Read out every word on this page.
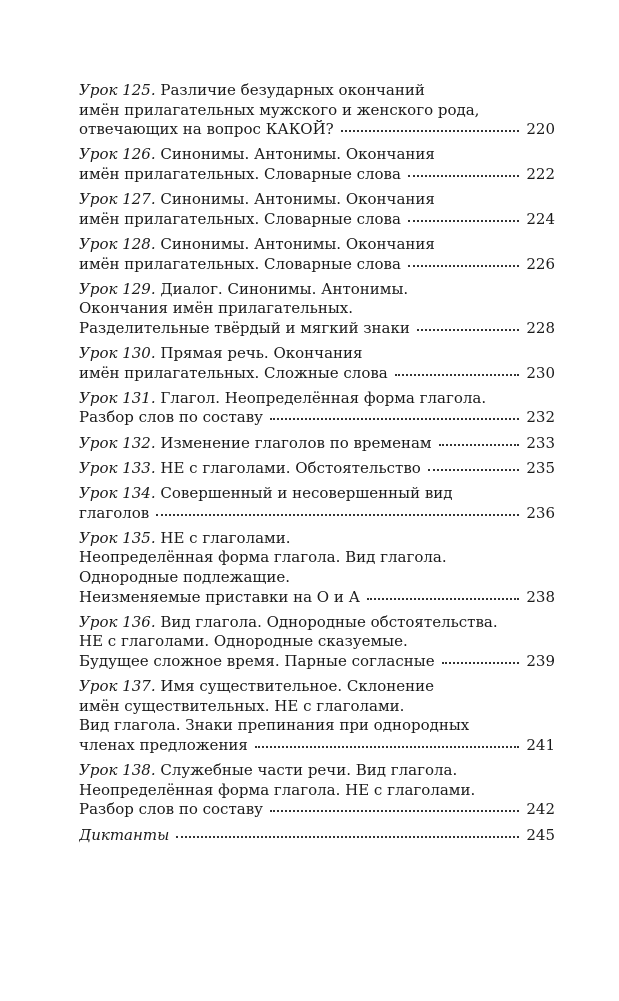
Урок 125. Различие безударных окончаний
имён прилагательных мужского и женского рода,
отвечающих на вопрос КАКОЙ?	220
Урок 126. Синонимы. Антонимы. Окончания
имён прилагательных. Словарные слова	222
Урок 127. Синонимы. Антонимы. Окончания
имён прилагательных. Словарные слова	224
Урок 128. Синонимы. Антонимы. Окончания
имён прилагательных. Словарные слова	226
Урок 129. Диалог. Синонимы. Антонимы.
Окончания имён прилагательных.
Разделительные твёрдый и мягкий знаки	228
Урок 130. Прямая речь. Окончания
имён прилагательных. Сложные слова	230
Урок 131. Глагол. Неопределённая форма глагола.
Разбор слов по составу	232
Урок 132. Изменение глаголов по временам	233
Урок 133. НЕ с глаголами. Обстоятельство	235
Урок 134. Совершенный и несовершенный вид
глаголов	236
Урок 135. НЕ с глаголами.
Неопределённая форма глагола. Вид глагола.
Однородные подлежащие.
Неизменяемые приставки на О и А	238
Урок 136. Вид глагола. Однородные обстоятельства.
НЕ с глаголами. Однородные сказуемые.
Будущее сложное время. Парные согласные	239
Урок 137. Имя существительное. Склонение
имён существительных. НЕ с глаголами.
Вид глагола. Знаки препинания при однородных
членах предложения	241
Урок 138. Служебные части речи. Вид глагола.
Неопределённая форма глагола. НЕ с глаголами.
Разбор слов по составу	242
Диктанты	245
